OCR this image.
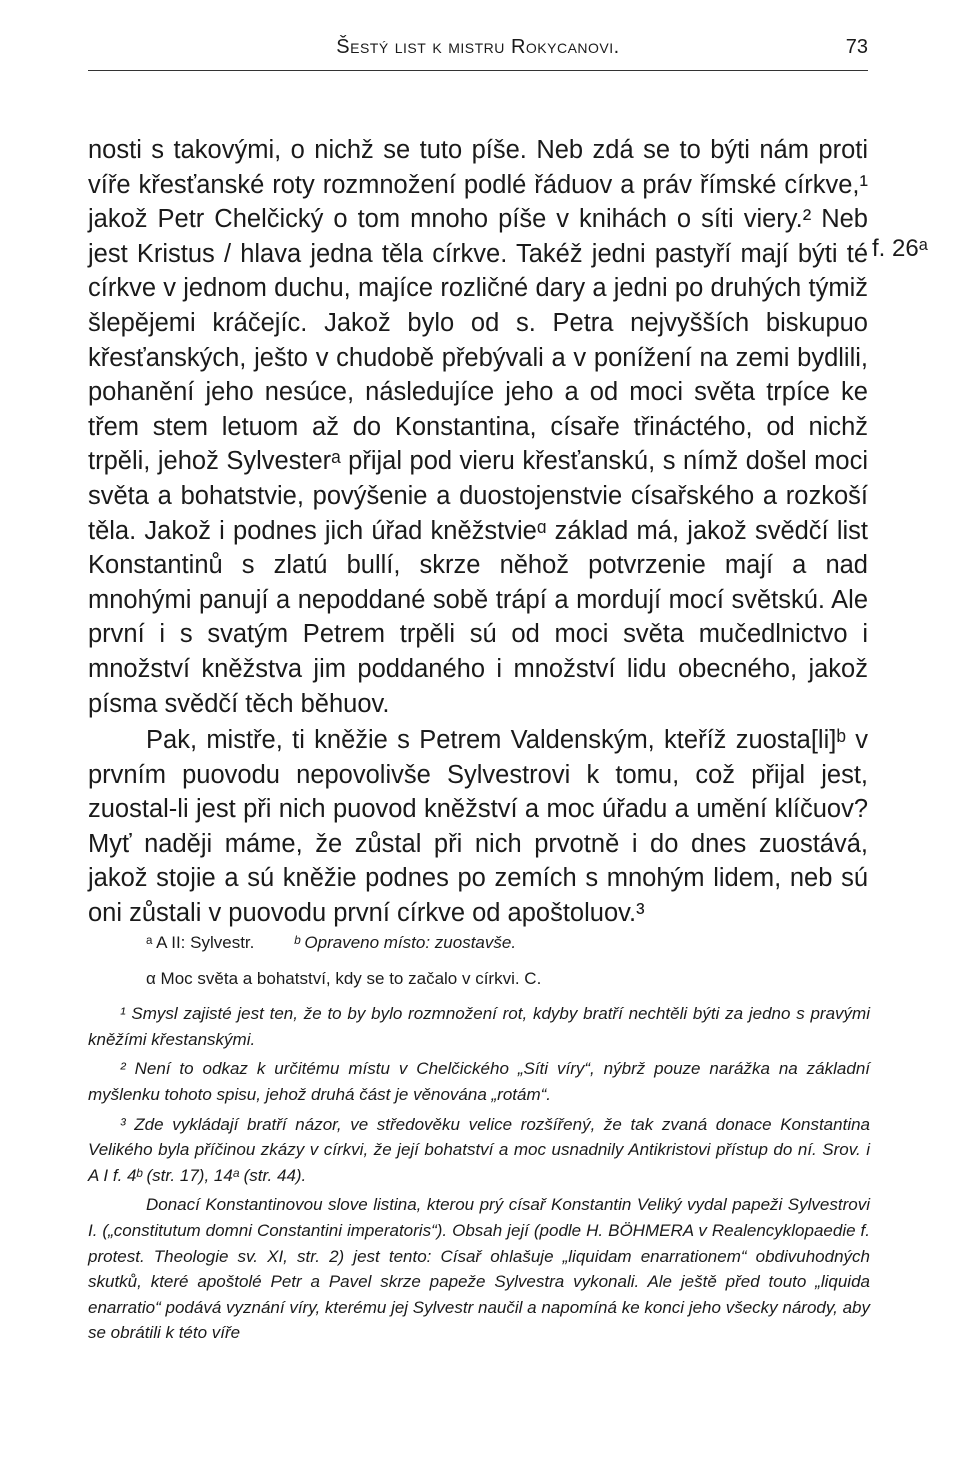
Šestý list k mistru Rokycanovi.	73

nosti s takovými, o nichž se tuto píše. Neb zdá se to býti nám proti víře křesťanské roty rozmnožení podlé řáduov a práv římské církve,¹ jakož Petr Chelčický o tom mnoho píše v knihách o síti viery.² Neb jest Kristus / hlava jedna těla církve. Takéž jedni pastyří mají býti té církve v jednom duchu, majíce rozličné dary a jedni po druhých týmiž šlepějemi kráčejíc. Jakož bylo od s. Petra nejvyšších biskupuo křesťanských, ješto v chudobě přebývali a v ponížení na zemi bydlili, pohanění jeho nesúce, následujíce jeho a od moci světa trpíce ke třem stem letuom až do Konstantina, císaře třináctého, od nichž trpěli, jehož Sylvesterᵃ přijal pod vieru křesťanskú, s nímž došel moci světa a bohatstvie, povýšenie a duostojenstvie císařského a rozkoší těla. Jakož i podnes jich úřad kněžstvieᵅ základ má, jakož svědčí list Konstantinů s zlatú bullí, skrze něhož potvrzenie mají a nad mnohými panují a nepoddané sobě trápí a mordují mocí světskú. Ale první i s svatým Petrem trpěli sú od moci světa mučedlnictvo i množství kněžstva jim poddaného i množství lidu obecného, jakož písma svědčí těch běhuov.

Pak, mistře, ti kněžie s Petrem Valdenským, kteříž zuosta[li]ᵇ v prvním puovodu nepovolivše Sylvestrovi k tomu, což přijal jest, zuostal-li jest při nich puovod kněžství a moc úřadu a umění klíčuov? Myť naději máme, že zůstal při nich prvotně i do dnes zuostává, jakož stojie a sú kněžie podnes po zemích s mnohým lidem, neb sú oni zůstali v puovodu první církve od apoštoluov.³

f. 26ᵃ

ᵃ A II: Sylvestr. ᵇ Opraveno místo: zuostavše.

α Moc světa a bohatství, kdy se to začalo v církvi. C.

¹ Smysl zajisté jest ten, že to by bylo rozmnožení rot, kdyby bratří nechtěli býti za jedno s pravými kněžími křestanskými.

² Není to odkaz k určitému místu v Chelčického „Síti víry“, nýbrž pouze narážka na základní myšlenku tohoto spisu, jehož druhá část je věnována „rotám“.

³ Zde vykládají bratří názor, ve středověku velice rozšířený, že tak zvaná donace Konstantina Velikého byla příčinou zkázy v církvi, že její bohatství a moc usnadnily Antikristovi přístup do ní. Srov. i A I f. 4ᵇ (str. 17), 14ᵃ (str. 44).

Donací Konstantinovou slove listina, kterou prý císař Konstantin Veliký vydal papeži Sylvestrovi I. („constitutum domni Constantini imperatoris“). Obsah její (podle H. BÖHMERA v Realencyklopaedie f. protest. Theologie sv. XI, str. 2) jest tento: Císař ohlašuje „liquidam enarrationem“ obdivuhodných skutků, které apoštolé Petr a Pavel skrze papeže Sylvestra vykonali. Ale ještě před touto „liquida enarratio“ podává vyznání víry, kterému jej Sylvestr naučil a napomíná ke konci jeho všecky národy, aby se obrátili k této víře
